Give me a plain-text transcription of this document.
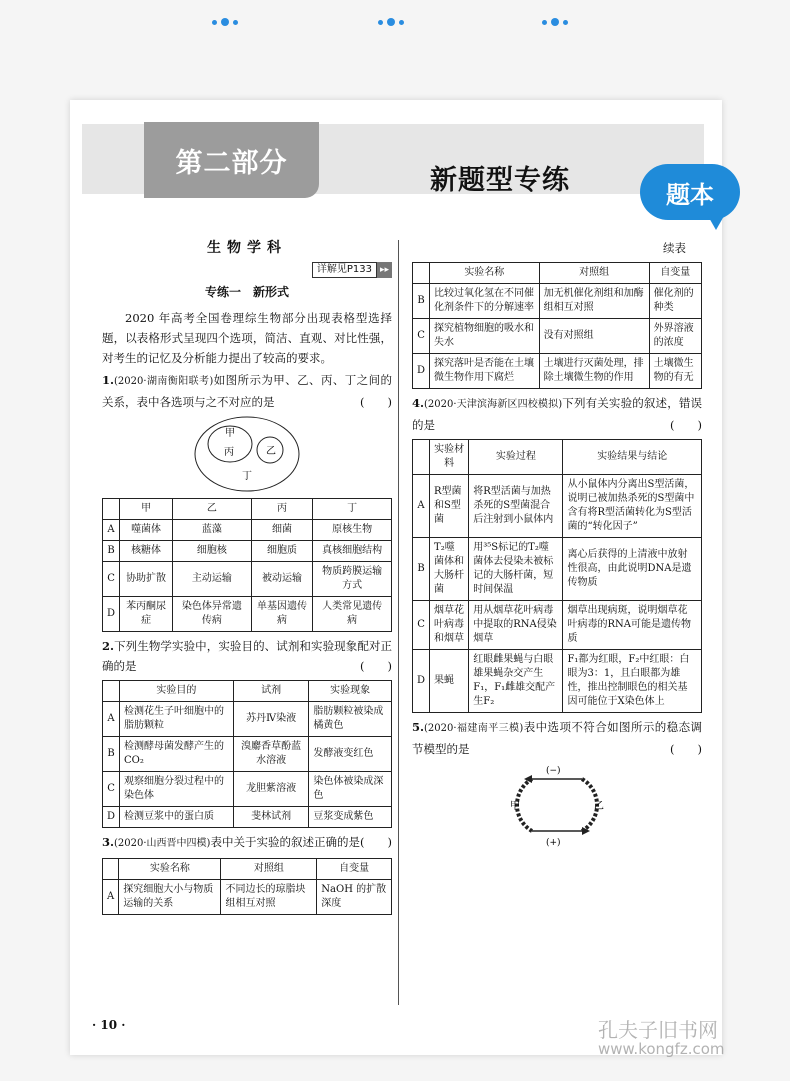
第二部分
新题型专练
生物学科
详解见P133 ▸▸
专练一　新形式

2020 年高考全国卷理综生物部分出现表格型选择题，以表格形式呈现四个选项，简洁、直观、对比性强，对考生的记忆及分析能力提出了较高的要求。

1.(2020·湖南衡阳联考)如图所示为甲、乙、丙、丁之间的关系，表中各选项与之不对应的是	(　　)
甲
乙
丙
丁
	甲	乙	丙	丁
A	噬菌体	蓝藻	细菌	原核生物
B	核糖体	细胞核	细胞质	真核细胞结构
C	协助扩散	主动运输	被动运输	物质跨膜运输方式
D	苯丙酮尿症	染色体异常遗传病	单基因遗传病	人类常见遗传病
2.下列生物学实验中，实验目的、试剂和实验现象配对正确的是	(　　)
	实验目的	试剂	实验现象
A	检测花生子叶细胞中的脂肪颗粒	苏丹Ⅳ染液	脂肪颗粒被染成橘黄色
B	检测酵母菌发酵产生的CO₂	溴麝香草酚蓝水溶液	发酵液变红色
C	观察细胞分裂过程中的染色体	龙胆紫溶液	染色体被染成深色
D	检测豆浆中的蛋白质	斐林试剂	豆浆变成紫色
3.(2020·山西晋中四模)表中关于实验的叙述正确的是 (　　)
	实验名称	对照组	自变量
A	探究细胞大小与物质运输的关系	不同边长的琼脂块组相互对照	NaOH 的扩散深度
续表
	实验名称	对照组	自变量
B	比较过氧化氢在不同催化剂条件下的分解速率	加无机催化剂组和加酶组相互对照	催化剂的种类
C	探究植物细胞的吸水和失水	没有对照组	外界溶液的浓度
D	探究落叶是否能在土壤微生物作用下腐烂	土壤进行灭菌处理，排除土壤微生物的作用	土壤微生物的有无
4.(2020·天津滨海新区四校模拟)下列有关实验的叙述，错误的是	(　　)
	实验材料	实验过程	实验结果与结论
A	R型菌和S型菌	将R型活菌与加热杀死的S型菌混合后注射到小鼠体内	从小鼠体内分离出S型活菌，说明已被加热杀死的S型菌中含有将R型活菌转化为S型活菌的“转化因子”
B	T₂噬菌体和大肠杆菌	用³⁵S标记的T₂噬菌体去侵染未被标记的大肠杆菌，短时间保温	离心后获得的上清液中放射性很高，由此说明DNA是遗传物质
C	烟草花叶病毒和烟草	用从烟草花叶病毒中提取的RNA侵染烟草	烟草出现病斑，说明烟草花叶病毒的RNA可能是遗传物质
D	果蝇	红眼雌果蝇与白眼雄果蝇杂交产生F₁，F₁雌雄交配产生F₂	F₁都为红眼，F₂中红眼：白眼为3：1，且白眼都为雄性，推出控制眼色的相关基因可能位于X染色体上
5.(2020·福建南平三模)表中选项不符合如图所示的稳态调节模型的是	(　　)
(−)
(+)
甲	乙
· 10 ·
题本
孔夫子旧书网
www.kongfz.com
